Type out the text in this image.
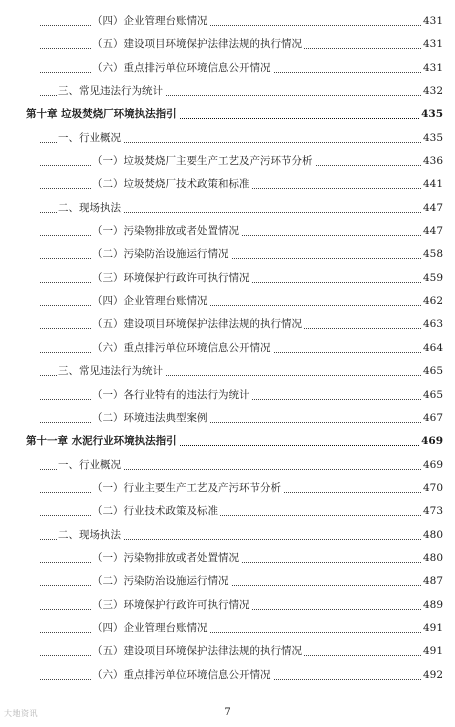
（四）企业管理台账情况	431
（五）建设项目环境保护法律法规的执行情况	431
（六）重点排污单位环境信息公开情况	431
三、常见违法行为统计	432
第十章 垃圾焚烧厂环境执法指引	435
一、行业概况	435
（一）垃圾焚烧厂主要生产工艺及产污环节分析	436
（二）垃圾焚烧厂技术政策和标准	441
二、现场执法	447
（一）污染物排放或者处置情况	447
（二）污染防治设施运行情况	458
（三）环境保护行政许可执行情况	459
（四）企业管理台账情况	462
（五）建设项目环境保护法律法规的执行情况	463
（六）重点排污单位环境信息公开情况	464
三、常见违法行为统计	465
（一）各行业特有的违法行为统计	465
（二）环境违法典型案例	467
第十一章 水泥行业环境执法指引	469
一、行业概况	469
（一）行业主要生产工艺及产污环节分析	470
（二）行业技术政策及标准	473
二、现场执法	480
（一）污染物排放或者处置情况	480
（二）污染防治设施运行情况	487
（三）环境保护行政许可执行情况	489
（四）企业管理台账情况	491
（五）建设项目环境保护法律法规的执行情况	491
（六）重点排污单位环境信息公开情况	492
7
大地资讯
